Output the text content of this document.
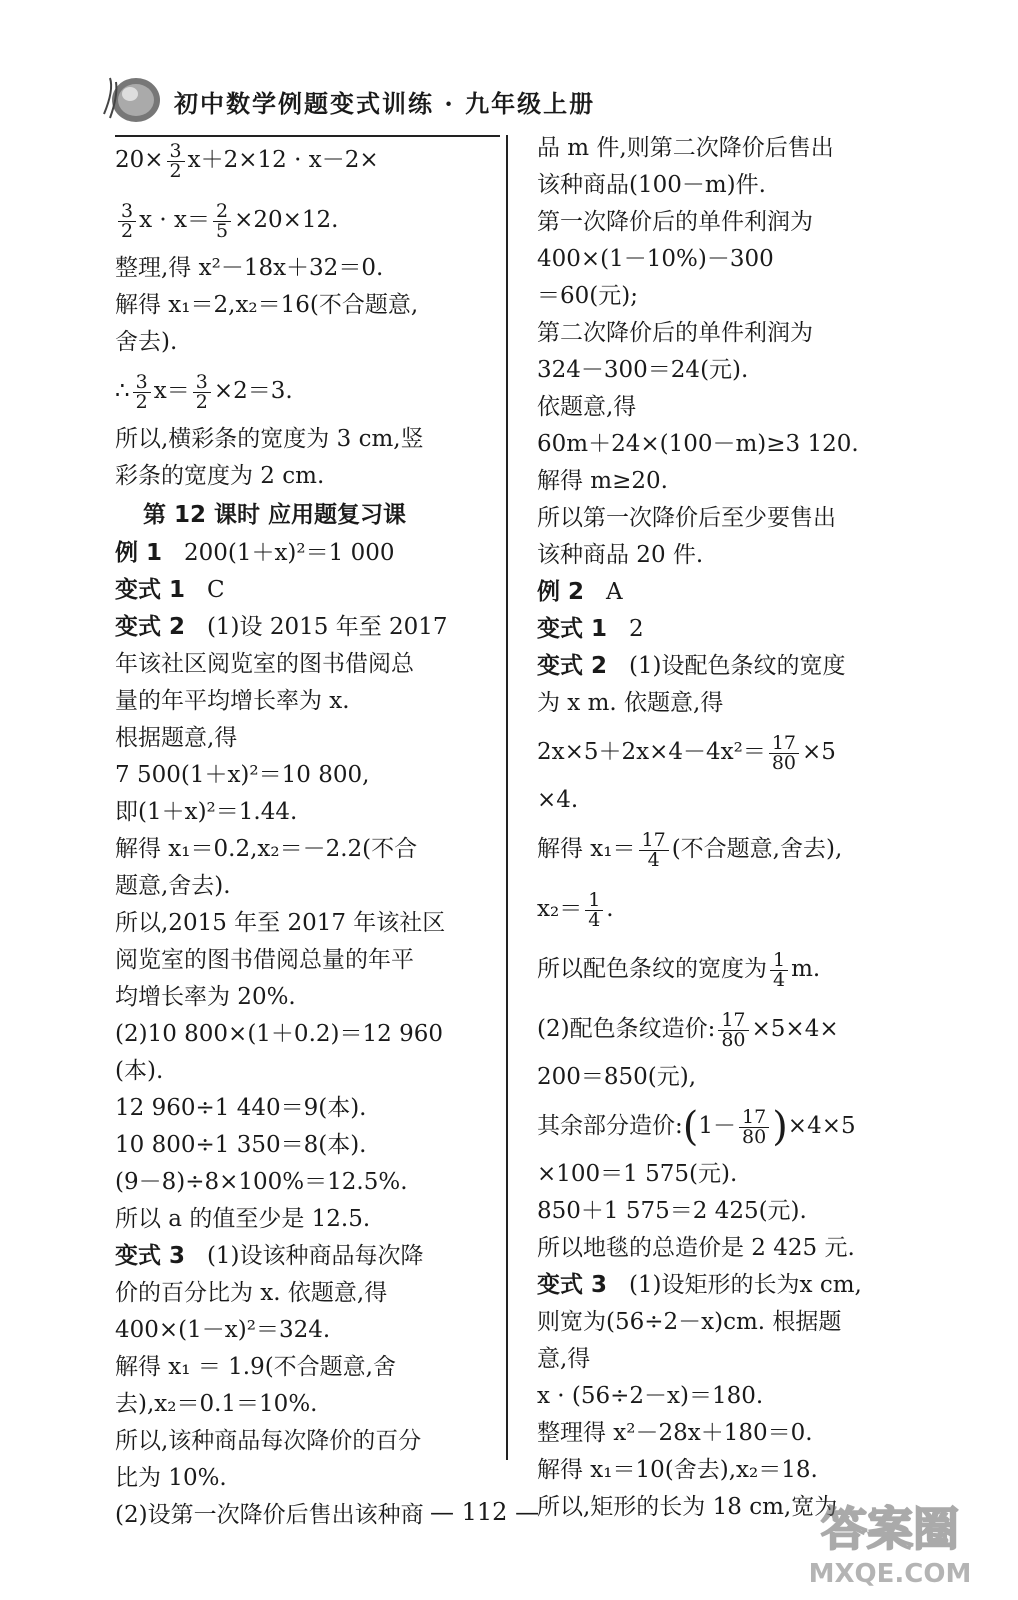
初中数学例题变式训练 · 九年级上册
$20\times \frac{3}{2} x+2\times 12 \cdot x-2\times$
$\frac{3}{2}$ $x \cdot x= \frac{2}{5} \times 20\times 12$.
整理,得 x²－18x＋32＝0.
解得 x₁＝2,x₂＝16(不合题意,
舍去).
∴ $\frac{3}{2} x= \frac{3}{2} \times 2=3$.
所以,横彩条的宽度为 3 cm,竖
彩条的宽度为 2 cm.
第 12 课时 应用题复习课
例 1 200(1＋x)²＝1 000
变式 1 C
变式 2 (1)设 2015 年至 2017
年该社区阅览室的图书借阅总
量的年平均增长率为 x.
根据题意,得
7 500(1＋x)²＝10 800,
即(1＋x)²＝1.44.
解得 x₁＝0.2,x₂＝－2.2(不合
题意,舍去).
所以,2015 年至 2017 年该社区
阅览室的图书借阅总量的年平
均增长率为 20%.
(2)10 800×(1＋0.2)＝12 960
(本).
12 960÷1 440＝9(本).
10 800÷1 350＝8(本).
(9－8)÷8×100%＝12.5%.
所以 a 的值至少是 12.5.
变式 3 (1)设该种商品每次降
价的百分比为 x. 依题意,得
400×(1－x)²＝324.
解得 x₁ ＝ 1.9(不合题意,舍
去),x₂＝0.1＝10%.
所以,该种商品每次降价的百分
比为 10%.
(2)设第一次降价后售出该种商
品 m 件,则第二次降价后售出
该种商品(100－m)件.
第一次降价后的单件利润为
400×(1－10%)－300
＝60(元);
第二次降价后的单件利润为
324－300＝24(元).
依题意,得
60m＋24×(100－m)≥3 120.
解得 m≥20.
所以第一次降价后至少要售出
该种商品 20 件.
例 2 A
变式 1 2
变式 2 (1)设配色条纹的宽度
为 x m. 依题意,得
$2x\times 5+2x\times 4-4x^2= \frac{17}{80} \times 5$
×4.
解得 $x_1= \frac{17}{4}$ (不合题意,舍去),
$x_2= \frac{1}{4}$ .
所以配色条纹的宽度为 $\frac{1}{4} m$.
(2)配色条纹造价: $\frac{17}{80} \times 5\times 4\times$
200＝850(元),
其余部分造价:(1－ $\frac{17}{80} )\times 4\times 5$
×100＝1 575(元).
850＋1 575＝2 425(元).
所以地毯的总造价是 2 425 元.
变式 3 (1)设矩形的长为x cm,
则宽为(56÷2－x)cm. 根据题
意,得
x · (56÷2－x)＝180.
整理得 x²－28x＋180＝0.
解得 x₁＝10(舍去),x₂＝18.
所以,矩形的长为 18 cm,宽为
— 112 —	答案圈
MXQE.COM
